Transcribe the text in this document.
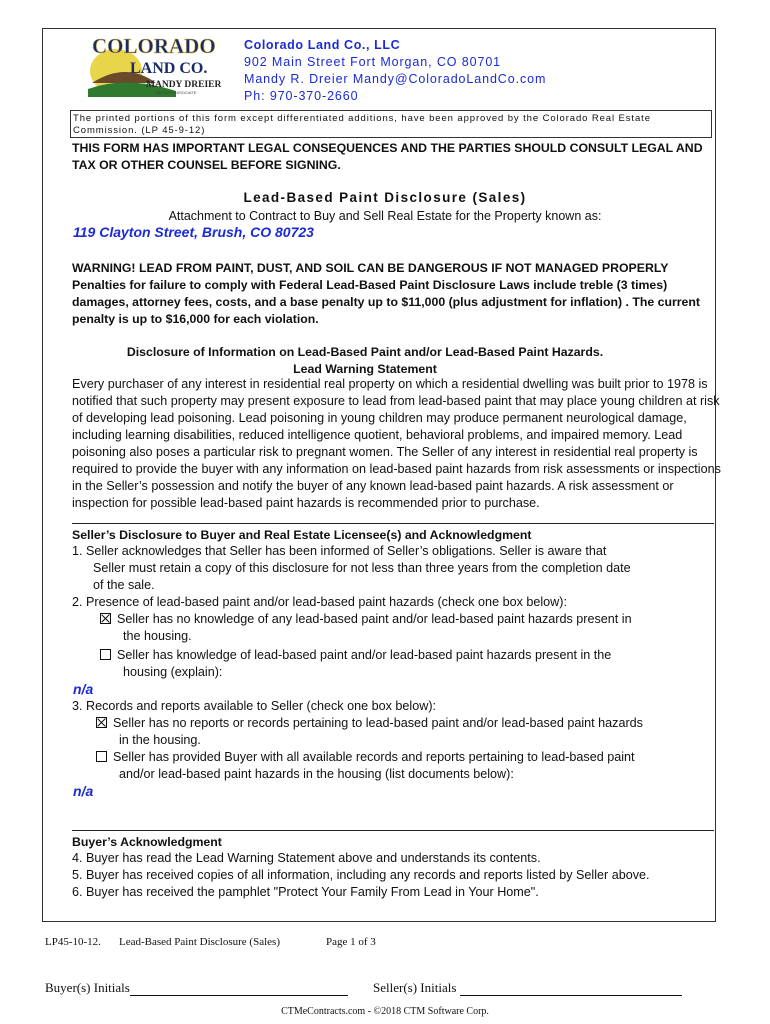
COLORADO
LAND CO.
MANDY DREIER
BROKER ASSOCIATE
Colorado Land Co., LLC
902 Main Street Fort Morgan, CO 80701
Mandy R. Dreier Mandy@ColoradoLandCo.com
Ph: 970-370-2660
The printed portions of this form except differentiated additions, have been approved by the Colorado Real Estate Commission. (LP 45-9-12)
THIS FORM HAS IMPORTANT LEGAL CONSEQUENCES AND THE PARTIES SHOULD CONSULT LEGAL AND TAX OR OTHER COUNSEL BEFORE SIGNING.
Lead-Based Paint Disclosure (Sales)
Attachment to Contract to Buy and Sell Real Estate for the Property known as:
119 Clayton Street, Brush, CO 80723
WARNING! LEAD FROM PAINT, DUST, AND SOIL CAN BE DANGEROUS IF NOT MANAGED PROPERLY
Penalties for failure to comply with Federal Lead-Based Paint Disclosure Laws include treble (3 times) damages, attorney fees, costs, and a base penalty up to $11,000 (plus adjustment for inflation) . The current penalty is up to $16,000 for each violation.
Disclosure of Information on Lead-Based Paint and/or Lead-Based Paint Hazards.
Lead Warning Statement
Every purchaser of any interest in residential real property on which a residential dwelling was built prior to 1978 is notified that such property may present exposure to lead from lead-based paint that may place young children at risk of developing lead poisoning. Lead poisoning in young children may produce permanent neurological damage, including learning disabilities, reduced intelligence quotient, behavioral problems, and impaired memory. Lead poisoning also poses a particular risk to pregnant women. The Seller of any interest in residential real property is required to provide the buyer with any information on lead-based paint hazards from risk assessments or inspections in the Seller’s possession and notify the buyer of any known lead-based paint hazards. A risk assessment or inspection for possible lead-based paint hazards is recommended prior to purchase.
Seller’s Disclosure to Buyer and Real Estate Licensee(s) and Acknowledgment
1. Seller acknowledges that Seller has been informed of Seller’s obligations. Seller is aware that
Seller must retain a copy of this disclosure for not less than three years from the completion date
of the sale.
2. Presence of lead-based paint and/or lead-based paint hazards (check one box below):
Seller has no knowledge of any lead-based paint and/or lead-based paint hazards present in
the housing.
Seller has knowledge of lead-based paint and/or lead-based paint hazards present in the
housing (explain):
n/a
3. Records and reports available to Seller (check one box below):
Seller has no reports or records pertaining to lead-based paint and/or lead-based paint hazards
in the housing.
Seller has provided Buyer with all available records and reports pertaining to lead-based paint
and/or lead-based paint hazards in the housing (list documents below):
n/a
Buyer’s Acknowledgment
4. Buyer has read the Lead Warning Statement above and understands its contents.
5. Buyer has received copies of all information, including any records and reports listed by Seller above.
6. Buyer has received the pamphlet "Protect Your Family From Lead in Your Home".
LP45-10-12. Lead-Based Paint Disclosure (Sales)	Page 1 of 3
Buyer(s) Initials	Seller(s) Initials
CTMeContracts.com - ©2018 CTM Software Corp.
